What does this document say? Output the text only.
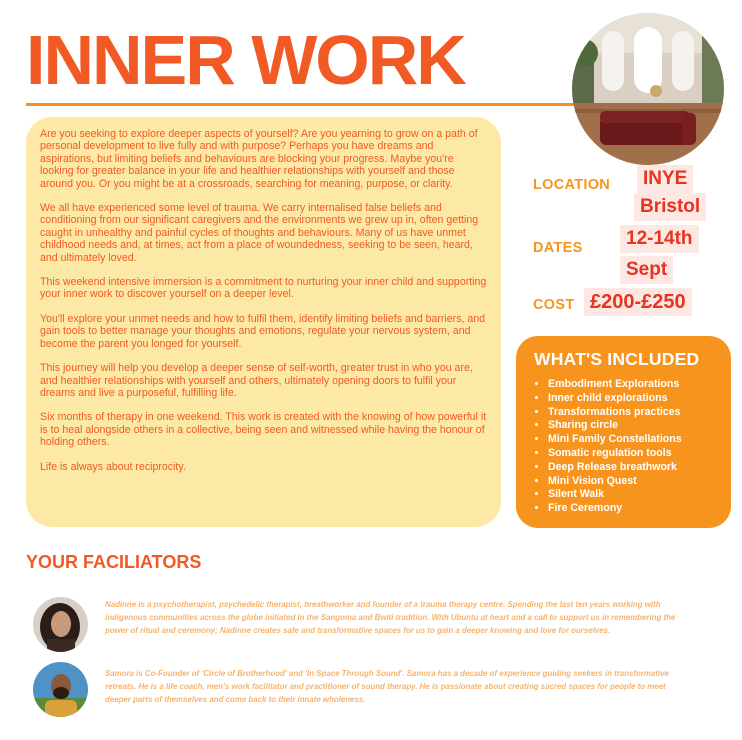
INNER WORK

Are you seeking to explore deeper aspects of yourself? Are you yearning to grow on a path of personal development to live fully and with purpose? Perhaps you have dreams and aspirations, but limiting beliefs and behaviours are blocking your progress. Maybe you're looking for greater balance in your life and healthier relationships with yourself and those around you. Or you might be at a crossroads, searching for meaning, purpose, or clarity.

We all have experienced some level of trauma. We carry internalised false beliefs and conditioning from our significant caregivers and the environments we grew up in, often getting caught in unhealthy and painful cycles of thoughts and behaviours. Many of us have unmet childhood needs and, at times, act from a place of woundedness, seeking to be seen, heard, and ultimately loved.

This weekend intensive immersion is a commitment to nurturing your inner child and supporting your inner work to discover yourself on a deeper level.

You'll explore your unmet needs and how to fulfil them, identify limiting beliefs and barriers, and gain tools to better manage your thoughts and emotions, regulate your nervous system, and become the parent you longed for yourself.

This journey will help you develop a deeper sense of self-worth, greater trust in who you are, and healthier relationships with yourself and others, ultimately opening doors to fulfil your dreams and live a purposeful, fulfilling life.

Six months of therapy in one weekend. This work is created with the knowing of how powerful it is to heal alongside others in a collective, being seen and witnessed while having the honour of holding others.

Life is always about reciprocity.

LOCATION	INYE
Bristol
DATES	12-14th
Sept
COST £200-£250
WHAT'S INCLUDED
• Embodiment Explorations
• Inner child explorations
• Transformations practices
• Sharing circle
• Mini Family Constellations
• Somatic regulation tools
• Deep Release breathwork
• Mini Vision Quest
• Silent Walk
• Fire Ceremony
YOUR FACILIATORS

Nadinne is a psychotherapist, psychedelic therapist, breathworker and founder of a trauma therapy centre. Spending the last ten years working with indigenous communities across the globe initiated in the Sangoma and Bwiti tradition. With Ubuntu at heart and a call to support us in remembering the power of ritual and ceremony; Nadinne creates safe and transformative spaces for us to gain a deeper knowing and love for ourselves.

Samora is Co-Founder of 'Circle of Brotherhood' and 'In Space Through Sound'. Samora has a decade of experience guiding seekers in transformative retreats. He is a life coach, men's work facilitator and practitioner of sound therapy. He is passionate about creating sacred spaces for people to meet deeper parts of themselves and come back to their innate wholeness.
